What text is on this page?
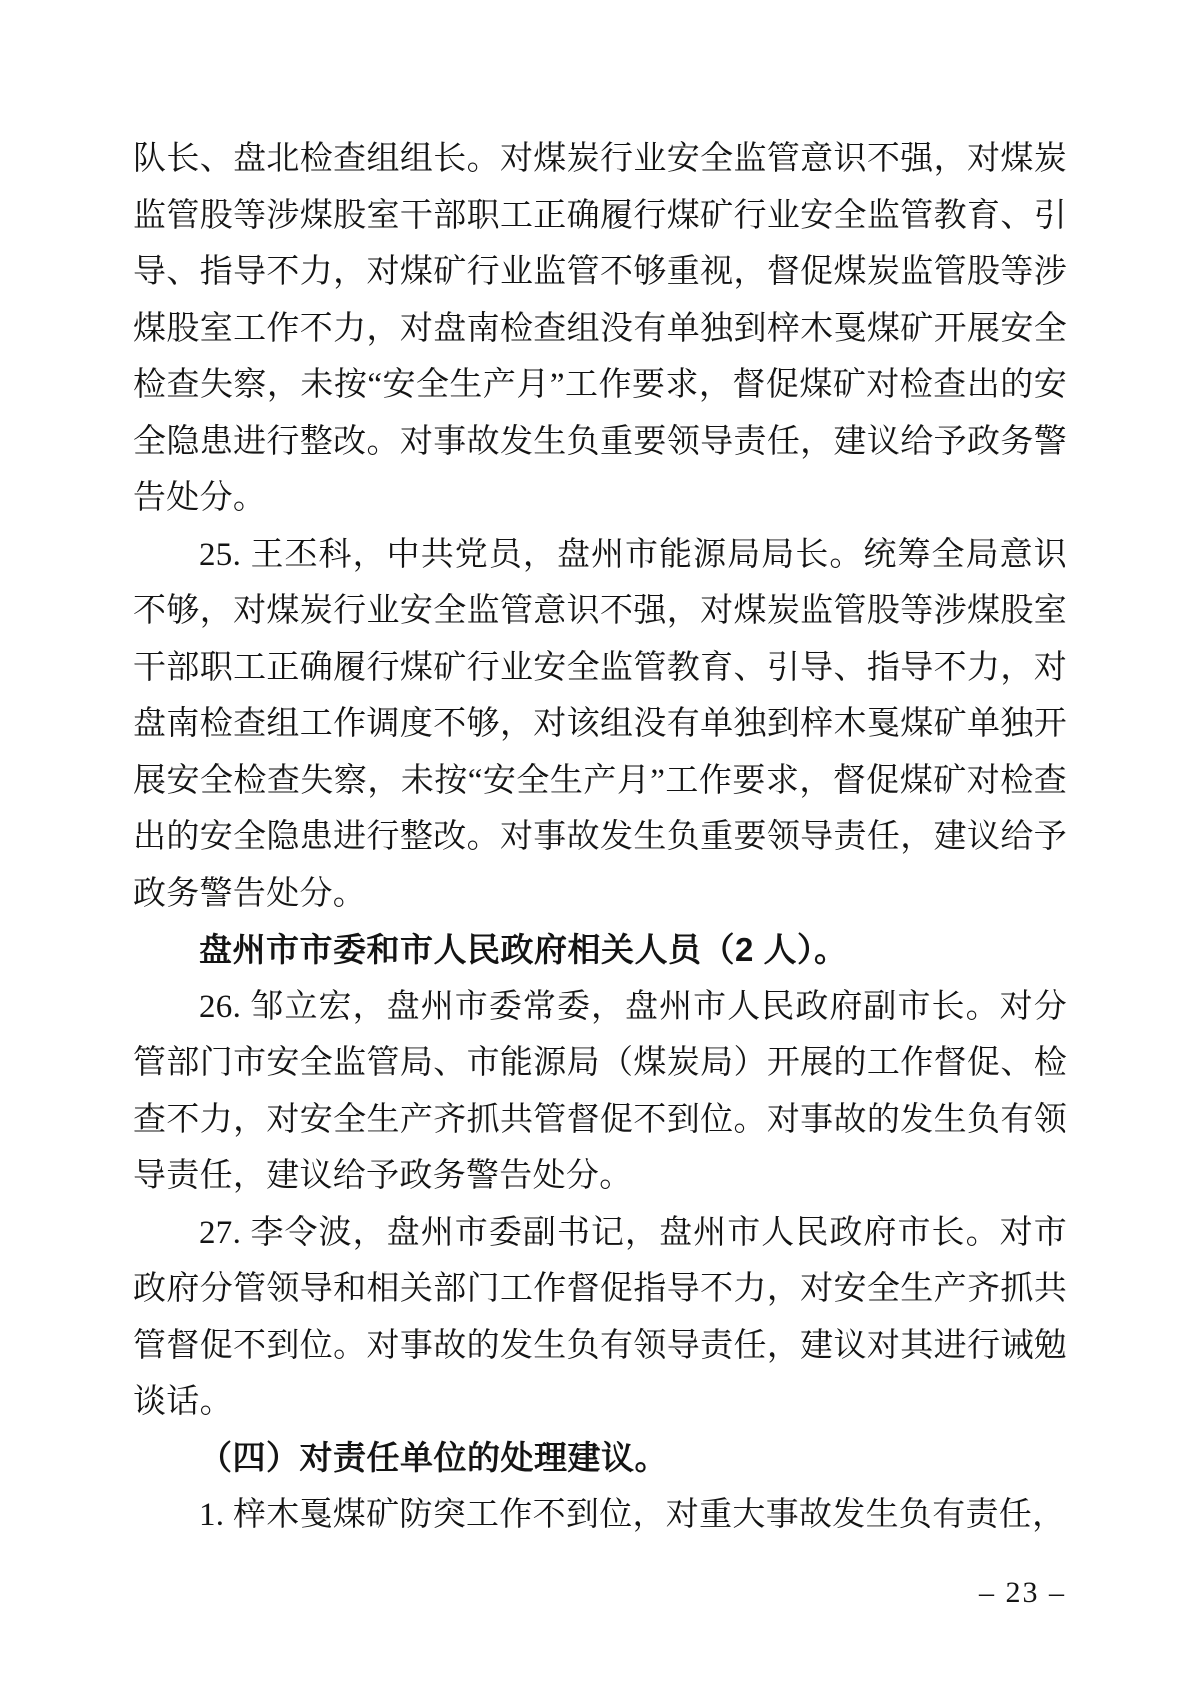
队长、盘北检查组组长。对煤炭行业安全监管意识不强，对煤炭监管股等涉煤股室干部职工正确履行煤矿行业安全监管教育、引导、指导不力，对煤矿行业监管不够重视，督促煤炭监管股等涉煤股室工作不力，对盘南检查组没有单独到梓木戛煤矿开展安全检查失察，未按“安全生产月”工作要求，督促煤矿对检查出的安全隐患进行整改。对事故发生负重要领导责任，建议给予政务警告处分。

25. 王丕科，中共党员，盘州市能源局局长。统筹全局意识不够，对煤炭行业安全监管意识不强，对煤炭监管股等涉煤股室干部职工正确履行煤矿行业安全监管教育、引导、指导不力，对盘南检查组工作调度不够，对该组没有单独到梓木戛煤矿单独开展安全检查失察，未按“安全生产月”工作要求，督促煤矿对检查出的安全隐患进行整改。对事故发生负重要领导责任，建议给予政务警告处分。

盘州市市委和市人民政府相关人员（2 人）。

26. 邹立宏，盘州市委常委，盘州市人民政府副市长。对分管部门市安全监管局、市能源局（煤炭局）开展的工作督促、检查不力，对安全生产齐抓共管督促不到位。对事故的发生负有领导责任，建议给予政务警告处分。

27. 李令波，盘州市委副书记，盘州市人民政府市长。对市政府分管领导和相关部门工作督促指导不力，对安全生产齐抓共管督促不到位。对事故的发生负有领导责任，建议对其进行诫勉谈话。

（四）对责任单位的处理建议。

1. 梓木戛煤矿防突工作不到位，对重大事故发生负有责任，

– 23 –
